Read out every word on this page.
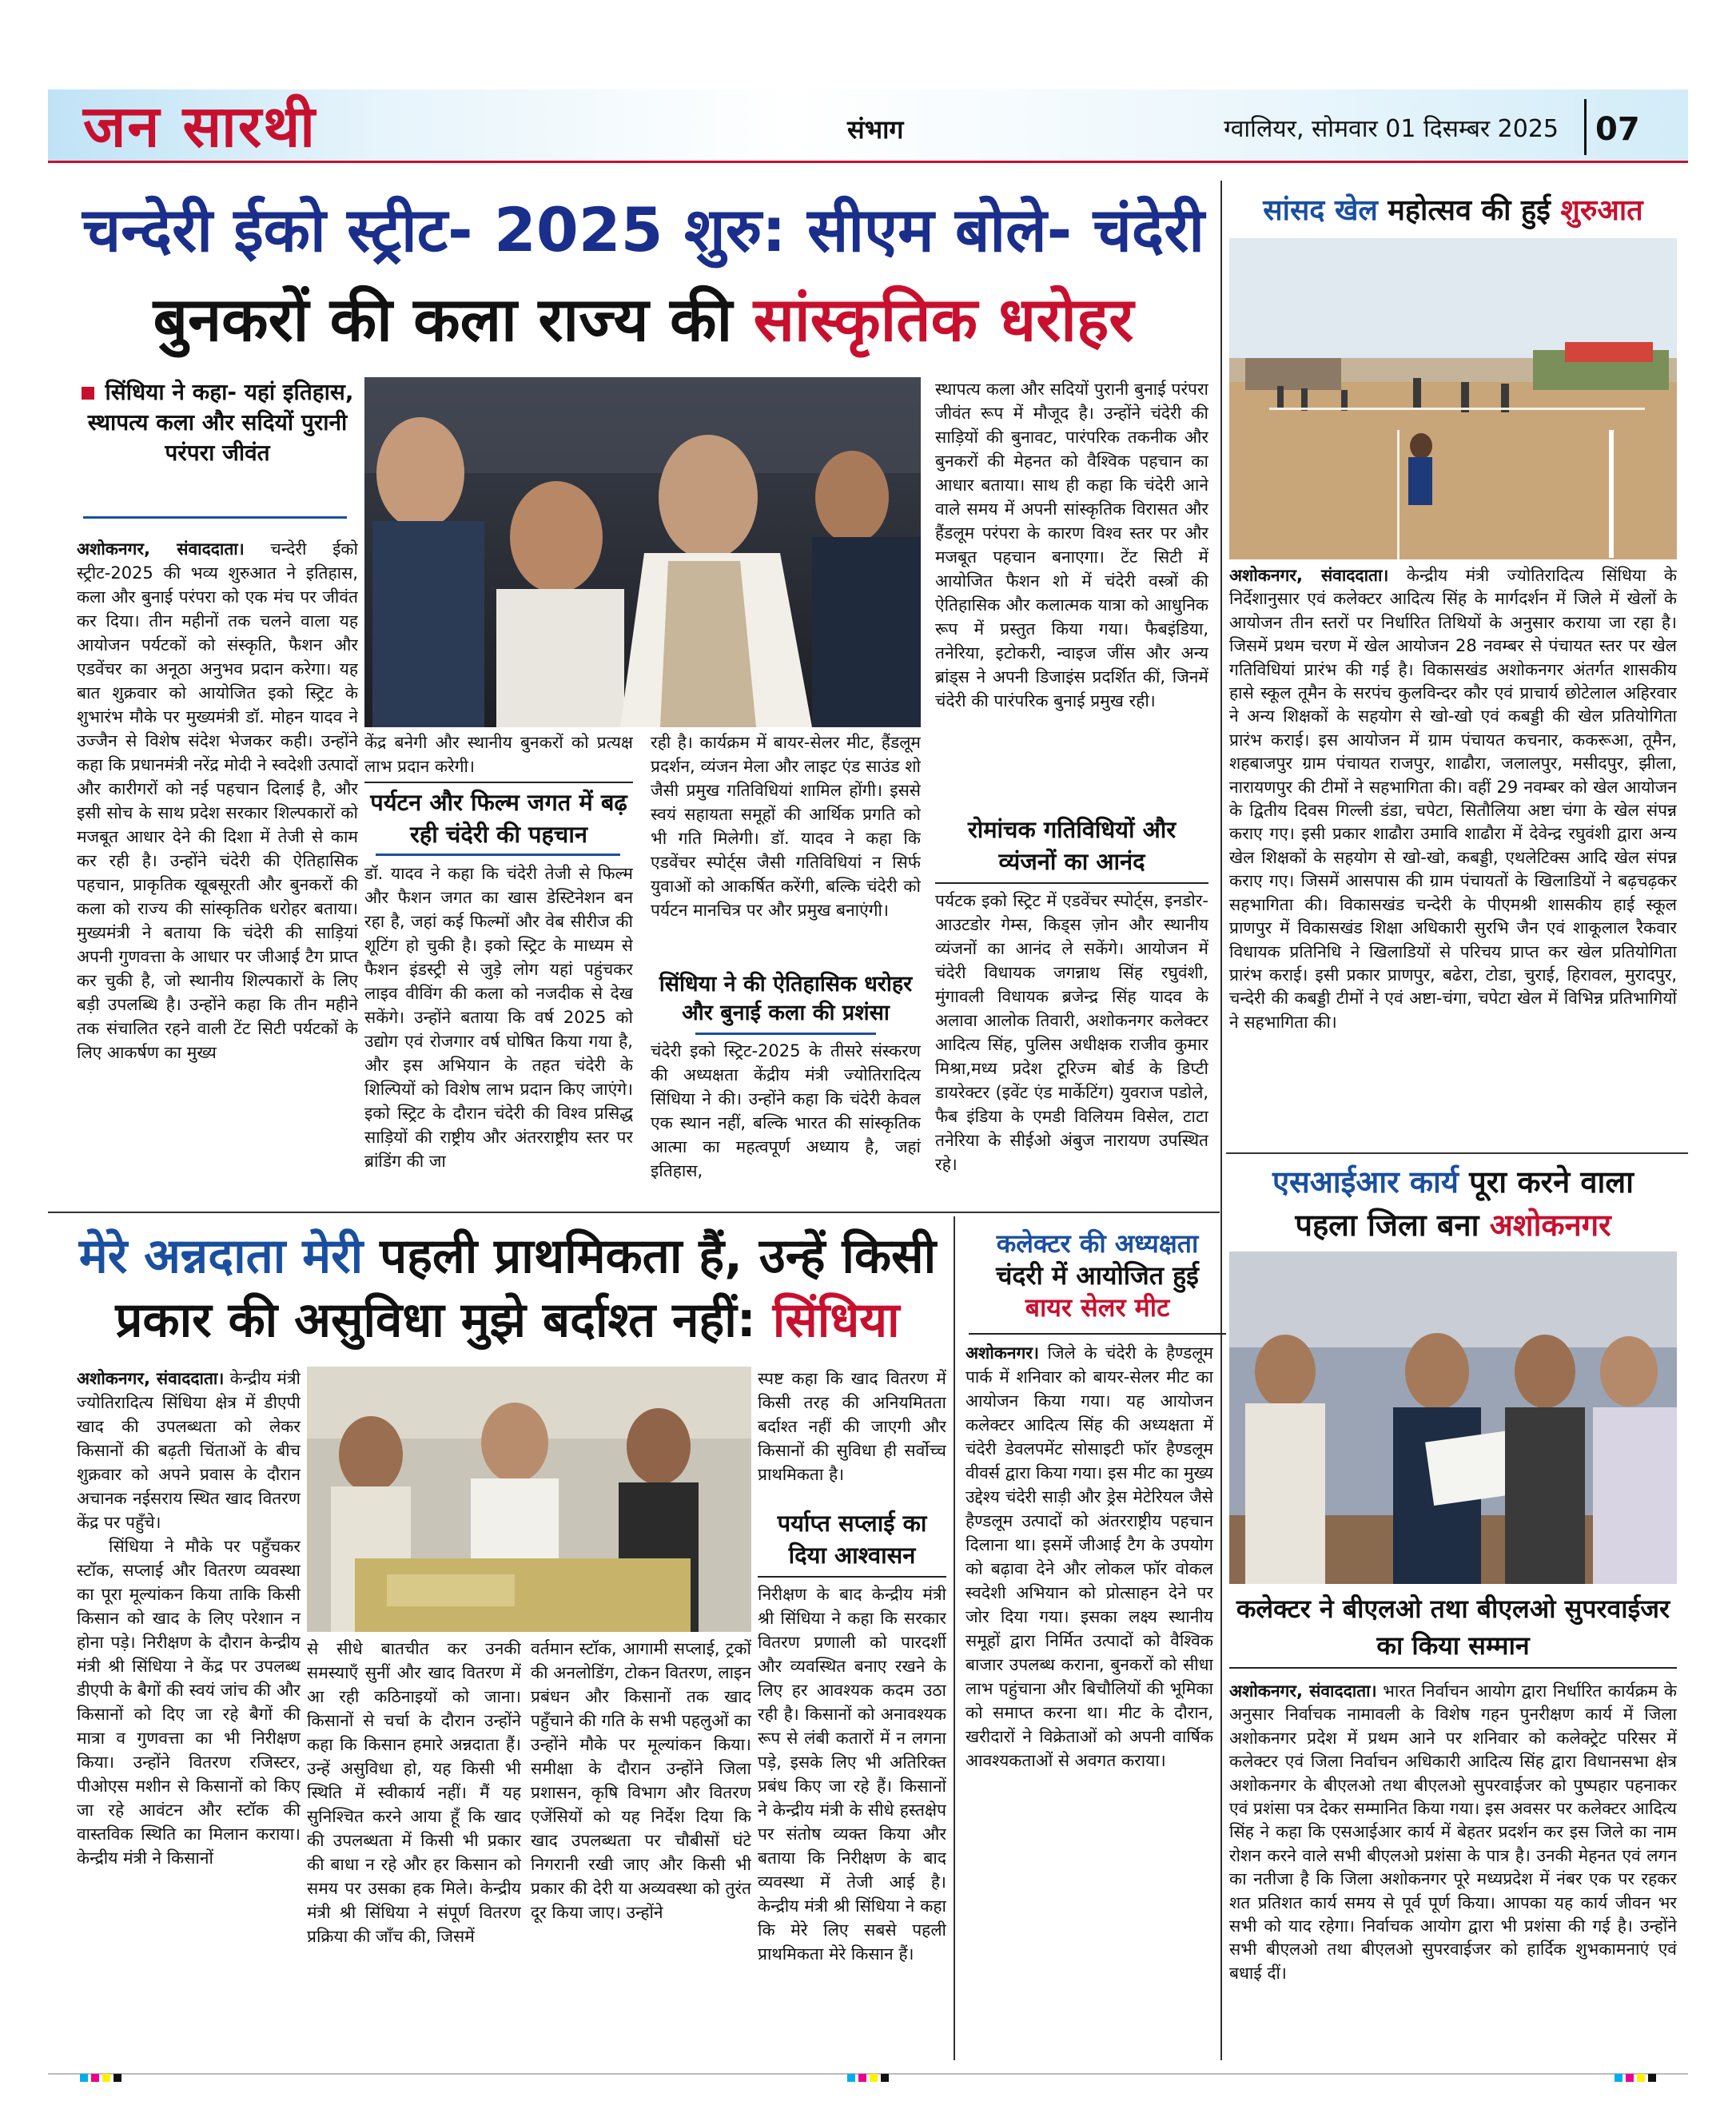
जन सारथी	संभाग	ग्वालियर, सोमवार 01 दिसम्बर 2025 07
चन्देरी ईको स्ट्रीट- 2025 शुरु: सीएम बोले- चंदेरी
बुनकरों की कला राज्य की सांस्कृतिक धरोहर
सिंधिया ने कहा- यहां इतिहास, स्थापत्य कला और सदियों पुरानी परंपरा जीवंत

अशोकनगर, संवाददाता। चन्देरी ईको स्ट्रीट-2025 की भव्य शुरुआत ने इतिहास, कला और बुनाई परंपरा को एक मंच पर जीवंत कर दिया। तीन महीनों तक चलने वाला यह आयोजन पर्यटकों को संस्कृति, फैशन और एडवेंचर का अनूठा अनुभव प्रदान करेगा। यह बात शुक्रवार को आयोजित इको स्ट्रिट के शुभारंभ मौके पर मुख्यमंत्री डॉ. मोहन यादव ने उज्जैन से विशेष संदेश भेजकर कही। उन्होंने कहा कि प्रधानमंत्री नरेंद्र मोदी ने स्वदेशी उत्पादों और कारीगरों को नई पहचान दिलाई है, और इसी सोच के साथ प्रदेश सरकार शिल्पकारों को मजबूत आधार देने की दिशा में तेजी से काम कर रही है। उन्होंने चंदेरी की ऐतिहासिक पहचान, प्राकृतिक खूबसूरती और बुनकरों की कला को राज्य की सांस्कृतिक धरोहर बताया। मुख्यमंत्री ने बताया कि चंदेरी की साड़ियां अपनी गुणवत्ता के आधार पर जीआई टैग प्राप्त कर चुकी है, जो स्थानीय शिल्पकारों के लिए बड़ी उपलब्धि है। उन्होंने कहा कि तीन महीने तक संचालित रहने वाली टेंट सिटी पर्यटकों के लिए आकर्षण का मुख्य

केंद्र बनेगी और स्थानीय बुनकरों को प्रत्यक्ष लाभ प्रदान करेगी।

पर्यटन और फिल्म जगत में बढ़ रही चंदेरी की पहचान

डॉ. यादव ने कहा कि चंदेरी तेजी से फिल्म और फैशन जगत का खास डेस्टिनेशन बन रहा है, जहां कई फिल्मों और वेब सीरीज की शूटिंग हो चुकी है। इको स्ट्रिट के माध्यम से फैशन इंडस्ट्री से जुड़े लोग यहां पहुंचकर लाइव वीविंग की कला को नजदीक से देख सकेंगे। उन्होंने बताया कि वर्ष 2025 को उद्योग एवं रोजगार वर्ष घोषित किया गया है, और इस अभियान के तहत चंदेरी के शिल्पियों को विशेष लाभ प्रदान किए जाएंगे। इको स्ट्रिट के दौरान चंदेरी की विश्व प्रसिद्ध साड़ियों की राष्ट्रीय और अंतरराष्ट्रीय स्तर पर ब्रांडिंग की जा

रही है। कार्यक्रम में बायर-सेलर मीट, हैंडलूम प्रदर्शन, व्यंजन मेला और लाइट एंड साउंड शो जैसी प्रमुख गतिविधियां शामिल होंगी। इससे स्वयं सहायता समूहों की आर्थिक प्रगति को भी गति मिलेगी। डॉ. यादव ने कहा कि एडवेंचर स्पोर्ट्स जैसी गतिविधियां न सिर्फ युवाओं को आकर्षित करेंगी, बल्कि चंदेरी को पर्यटन मानचित्र पर और प्रमुख बनाएंगी।

सिंधिया ने की ऐतिहासिक धरोहर और बुनाई कला की प्रशंसा

चंदेरी इको स्ट्रिट-2025 के तीसरे संस्करण की अध्यक्षता केंद्रीय मंत्री ज्योतिरादित्य सिंधिया ने की। उन्होंने कहा कि चंदेरी केवल एक स्थान नहीं, बल्कि भारत की सांस्कृतिक आत्मा का महत्वपूर्ण अध्याय है, जहां इतिहास,

स्थापत्य कला और सदियों पुरानी बुनाई परंपरा जीवंत रूप में मौजूद है। उन्होंने चंदेरी की साड़ियों की बुनावट, पारंपरिक तकनीक और बुनकरों की मेहनत को वैश्विक पहचान का आधार बताया। साथ ही कहा कि चंदेरी आने वाले समय में अपनी सांस्कृतिक विरासत और हैंडलूम परंपरा के कारण विश्व स्तर पर और मजबूत पहचान बनाएगा। टेंट सिटी में आयोजित फैशन शो में चंदेरी वस्त्रों की ऐतिहासिक और कलात्मक यात्रा को आधुनिक रूप में प्रस्तुत किया गया। फैबइंडिया, तनेरिया, इटोकरी, न्वाइज जींस और अन्य ब्रांड्स ने अपनी डिजाइंस प्रदर्शित कीं, जिनमें चंदेरी की पारंपरिक बुनाई प्रमुख रही।

रोमांचक गतिविधियों और व्यंजनों का आनंद

पर्यटक इको स्ट्रिट में एडवेंचर स्पोर्ट्स, इनडोर-आउटडोर गेम्स, किड्स ज़ोन और स्थानीय व्यंजनों का आनंद ले सकेंगे। आयोजन में चंदेरी विधायक जगन्नाथ सिंह रघुवंशी, मुंगावली विधायक ब्रजेन्द्र सिंह यादव के अलावा आलोक तिवारी, अशोकनगर कलेक्टर आदित्य सिंह, पुलिस अधीक्षक राजीव कुमार मिश्रा,मध्य प्रदेश टूरिज्म बोर्ड के डिप्टी डायरेक्टर (इवेंट एंड मार्केटिंग) युवराज पडोले, फैब इंडिया के एमडी विलियम विसेल, टाटा तनेरिया के सीईओ अंबुज नारायण उपस्थित रहे।

सांसद खेल महोत्सव की हुई शुरुआत

अशोकनगर, संवाददाता। केन्द्रीय मंत्री ज्योतिरादित्य सिंधिया के निर्देशानुसार एवं कलेक्टर आदित्य सिंह के मार्गदर्शन में जिले में खेलों के आयोजन तीन स्तरों पर निर्धारित तिथियों के अनुसार कराया जा रहा है। जिसमें प्रथम चरण में खेल आयोजन 28 नवम्बर से पंचायत स्तर पर खेल गतिविधियां प्रारंभ की गई है। विकासखंड अशोकनगर अंतर्गत शासकीय हासे स्कूल तूमैन के सरपंच कुलविन्दर कौर एवं प्राचार्य छोटेलाल अहिरवार ने अन्य शिक्षकों के सहयोग से खो-खो एवं कबड्डी की खेल प्रतियोगिता प्रारंभ कराई। इस आयोजन में ग्राम पंचायत कचनार, ककरूआ, तूमैन, शहबाजपुर ग्राम पंचायत राजपुर, शाढौरा, जलालपुर, मसीदपुर, झीला, नारायणपुर की टीमों ने सहभागिता की। वहीं 29 नवम्बर को खेल आयोजन के द्वितीय दिवस गिल्ली डंडा, चपेटा, सितौलिया अष्टा चंगा के खेल संपन्न कराए गए। इसी प्रकार शाढौरा उमावि शाढौरा में देवेन्द्र रघुवंशी द्वारा अन्य खेल शिक्षकों के सहयोग से खो-खो, कबड्डी, एथलेटिक्स आदि खेल संपन्न कराए गए। जिसमें आसपास की ग्राम पंचायतों के खिलाडियों ने बढ़चढ़कर सहभागिता की। विकासखंड चन्देरी के पीएमश्री शासकीय हाई स्कूल प्राणपुर में विकासखंड शिक्षा अधिकारी सुरभि जैन एवं शाकूलाल रैकवार विधायक प्रतिनिधि ने खिलाडियों से परिचय प्राप्त कर खेल प्रतियोगिता प्रारंभ कराई। इसी प्रकार प्राणपुर, बढेरा, टोडा, चुराई, हिरावल, मुरादपुर, चन्देरी की कबड्डी टीमों ने एवं अष्टा-चंगा, चपेटा खेल में विभिन्न प्रतिभागियों ने सहभागिता की।

एसआईआर कार्य पूरा करने वाला
पहला जिला बना अशोकनगर
कलेक्टर ने बीएलओ तथा बीएलओ सुपरवाईजर का किया सम्मान

अशोकनगर, संवाददाता। भारत निर्वाचन आयोग द्वारा निर्धारित कार्यक्रम के अनुसार निर्वाचक नामावली के विशेष गहन पुनरीक्षण कार्य में जिला अशोकनगर प्रदेश में प्रथम आने पर शनिवार को कलेक्ट्रेट परिसर में कलेक्टर एवं जिला निर्वाचन अधिकारी आदित्य सिंह द्वारा विधानसभा क्षेत्र अशोकनगर के बीएलओ तथा बीएलओ सुपरवाईजर को पुष्पहार पहनाकर एवं प्रशंसा पत्र देकर सम्मानित किया गया। इस अवसर पर कलेक्टर आदित्य सिंह ने कहा कि एसआईआर कार्य में बेहतर प्रदर्शन कर इस जिले का नाम रोशन करने वाले सभी बीएलओ प्रशंसा के पात्र है। उनकी मेहनत एवं लगन का नतीजा है कि जिला अशोकनगर पूरे मध्यप्रदेश में नंबर एक पर रहकर शत प्रतिशत कार्य समय से पूर्व पूर्ण किया। आपका यह कार्य जीवन भर सभी को याद रहेगा। निर्वाचक आयोग द्वारा भी प्रशंसा की गई है। उन्होंने सभी बीएलओ तथा बीएलओ सुपरवाईजर को हार्दिक शुभकामनाएं एवं बधाई दीं।

मेरे अन्नदाता मेरी पहली प्राथमिकता हैं, उन्हें किसी
प्रकार की असुविधा मुझे बर्दाश्त नहीं: सिंधिया

अशोकनगर, संवाददाता। केन्द्रीय मंत्री ज्योतिरादित्य सिंधिया क्षेत्र में डीएपी खाद की उपलब्धता को लेकर किसानों की बढ़ती चिंताओं के बीच शुक्रवार को अपने प्रवास के दौरान अचानक नईसराय स्थित खाद वितरण केंद्र पर पहुँचे।

सिंधिया ने मौके पर पहुँचकर स्टॉक, सप्लाई और वितरण व्यवस्था का पूरा मूल्यांकन किया ताकि किसी किसान को खाद के लिए परेशान न होना पड़े। निरीक्षण के दौरान केन्द्रीय मंत्री श्री सिंधिया ने केंद्र पर उपलब्ध डीएपी के बैगों की स्वयं जांच की और किसानों को दिए जा रहे बैगों की मात्रा व गुणवत्ता का भी निरीक्षण किया। उन्होंने वितरण रजिस्टर, पीओएस मशीन से किसानों को किए जा रहे आवंटन और स्टॉक की वास्तविक स्थिति का मिलान कराया। केन्द्रीय मंत्री ने किसानों

से सीधे बातचीत कर उनकी समस्याएँ सुनीं और खाद वितरण में आ रही कठिनाइयों को जाना। किसानों से चर्चा के दौरान उन्होंने कहा कि किसान हमारे अन्नदाता हैं। उन्हें असुविधा हो, यह किसी भी स्थिति में स्वीकार्य नहीं। मैं यह सुनिश्चित करने आया हूँ कि खाद की उपलब्धता में किसी भी प्रकार की बाधा न रहे और हर किसान को समय पर उसका हक मिले। केन्द्रीय मंत्री श्री सिंधिया ने संपूर्ण वितरण प्रक्रिया की जाँच की, जिसमें

वर्तमान स्टॉक, आगामी सप्लाई, ट्रकों की अनलोडिंग, टोकन वितरण, लाइन प्रबंधन और किसानों तक खाद पहुँचाने की गति के सभी पहलुओं का उन्होंने मौके पर मूल्यांकन किया। समीक्षा के दौरान उन्होंने जिला प्रशासन, कृषि विभाग और वितरण एजेंसियों को यह निर्देश दिया कि खाद उपलब्धता पर चौबीसों घंटे निगरानी रखी जाए और किसी भी प्रकार की देरी या अव्यवस्था को तुरंत दूर किया जाए। उन्होंने

स्पष्ट कहा कि खाद वितरण में किसी तरह की अनियमितता बर्दाश्त नहीं की जाएगी और किसानों की सुविधा ही सर्वोच्च प्राथमिकता है।

पर्याप्त सप्लाई का दिया आश्वासन

निरीक्षण के बाद केन्द्रीय मंत्री श्री सिंधिया ने कहा कि सरकार वितरण प्रणाली को पारदर्शी और व्यवस्थित बनाए रखने के लिए हर आवश्यक कदम उठा रही है। किसानों को अनावश्यक रूप से लंबी कतारों में न लगना पड़े, इसके लिए भी अतिरिक्त प्रबंध किए जा रहे हैं। किसानों ने केन्द्रीय मंत्री के सीधे हस्तक्षेप पर संतोष व्यक्त किया और बताया कि निरीक्षण के बाद व्यवस्था में तेजी आई है। केन्द्रीय मंत्री श्री सिंधिया ने कहा कि मेरे लिए सबसे पहली प्राथमिकता मेरे किसान हैं।

कलेक्टर की अध्यक्षता
चंदरी में आयोजित हुई
बायर सेलर मीट

अशोकनगर। जिले के चंदेरी के हैण्डलूम पार्क में शनिवार को बायर-सेलर मीट का आयोजन किया गया। यह आयोजन कलेक्टर आदित्य सिंह की अध्यक्षता में चंदेरी डेवलपमेंट सोसाइटी फॉर हैण्डलूम वीवर्स द्वारा किया गया। इस मीट का मुख्य उद्देश्य चंदेरी साड़ी और ड्रेस मेटेरियल जैसे हैण्डलूम उत्पादों को अंतरराष्ट्रीय पहचान दिलाना था। इसमें जीआई टैग के उपयोग को बढ़ावा देने और लोकल फॉर वोकल स्वदेशी अभियान को प्रोत्साहन देने पर जोर दिया गया। इसका लक्ष्य स्थानीय समूहों द्वारा निर्मित उत्पादों को वैश्विक बाजार उपलब्ध कराना, बुनकरों को सीधा लाभ पहुंचाना और बिचौलियों की भूमिका को समाप्त करना था। मीट के दौरान, खरीदारों ने विक्रेताओं को अपनी वार्षिक आवश्यकताओं से अवगत कराया।
